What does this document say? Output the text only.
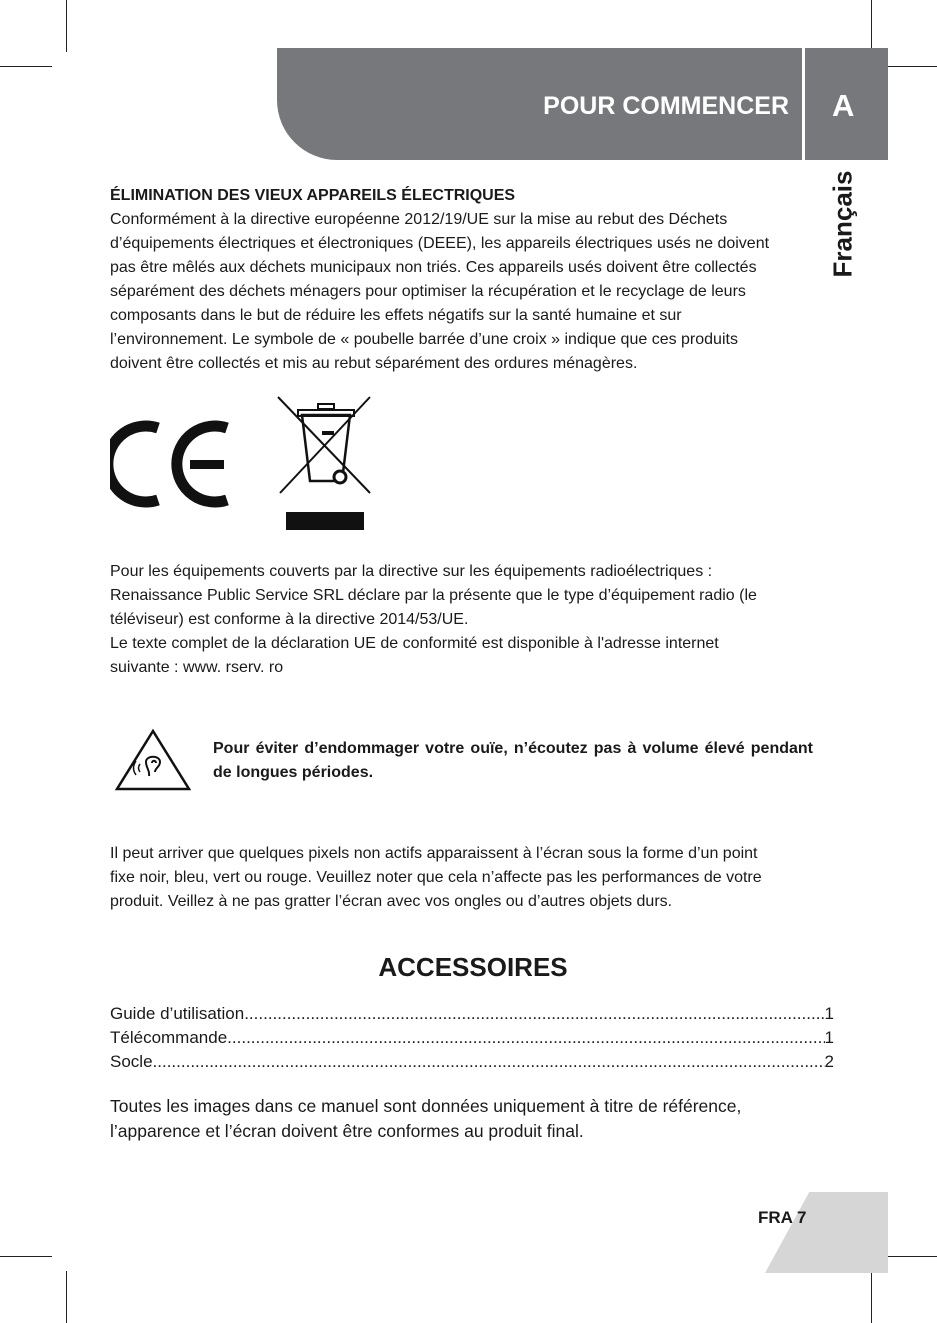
POUR COMMENCER A
Français
ÉLIMINATION DES VIEUX APPAREILS ÉLECTRIQUES
Conformément à la directive européenne 2012/19/UE sur la mise au rebut des Déchets
d’équipements électriques et électroniques (DEEE), les appareils électriques usés ne doivent
pas être mêlés aux déchets municipaux non triés. Ces appareils usés doivent être collectés
séparément des déchets ménagers pour optimiser la récupération et le recyclage de leurs
composants dans le but de réduire les effets négatifs sur la santé humaine et sur
l’environnement. Le symbole de « poubelle barrée d’une croix » indique que ces produits
doivent être collectés et mis au rebut séparément des ordures ménagères.
Pour les équipements couverts par la directive sur les équipements radioélectriques :
Renaissance Public Service SRL déclare par la présente que le type d’équipement radio (le
téléviseur) est conforme à la directive 2014/53/UE.
Le texte complet de la déclaration UE de conformité est disponible à l'adresse internet
suivante : www. rserv. ro
Pour éviter d’endommager votre ouïe, n’écoutez pas à volume élevé pendant de longues périodes.
Il peut arriver que quelques pixels non actifs apparaissent à l’écran sous la forme d’un point
fixe noir, bleu, vert ou rouge. Veuillez noter que cela n’affecte pas les performances de votre
produit. Veillez à ne pas gratter l’écran avec vos ongles ou d’autres objets durs.
ACCESSOIRES
Guide d’utilisation .....	1
Télécommande .....	1
Socle .....	2
Toutes les images dans ce manuel sont données uniquement à titre de référence,
l’apparence et l’écran doivent être conformes au produit final.
FRA 7
